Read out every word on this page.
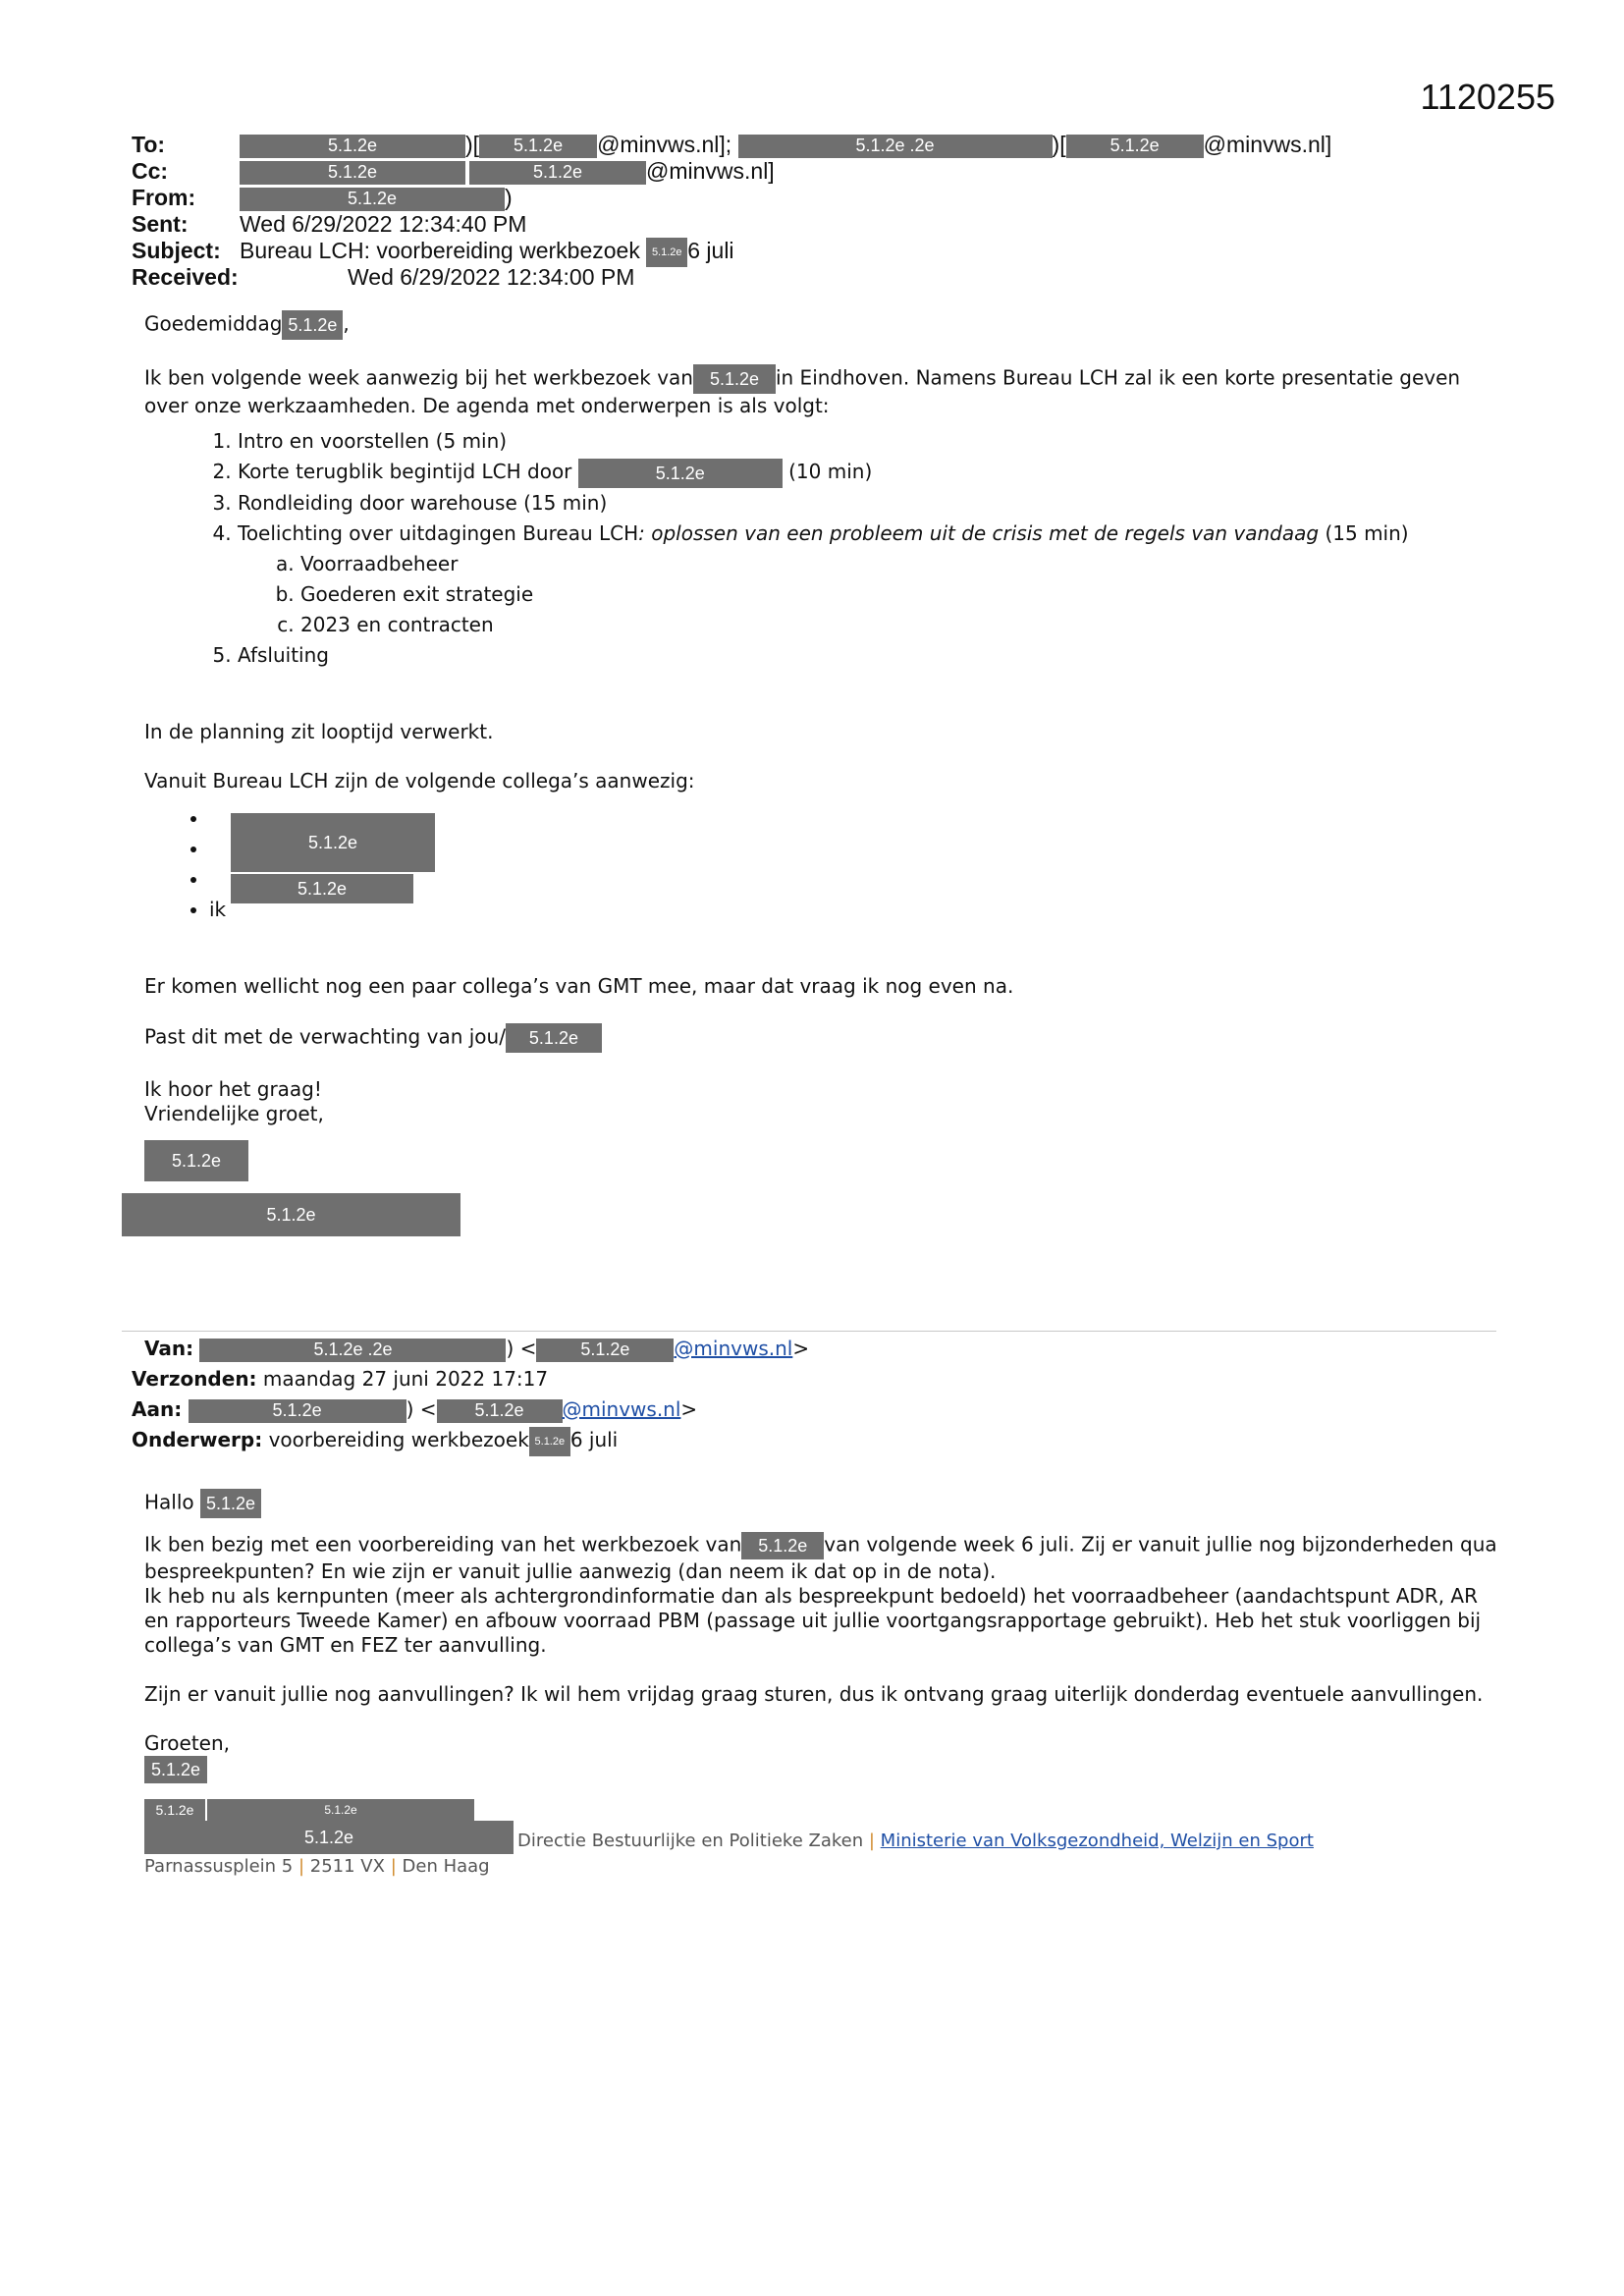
1120255
To:	5.1.2e	)[ 5.1.2e @minvws.nl];	5.1.2e .2e	)[ 5.1.2e @minvws.nl]
Cc:	5.1.2e	5.1.2e	@minvws.nl]
From:	5.1.2e	)
Sent: Wed 6/29/2022 12:34:40 PM
Subject: Bureau LCH: voorbereiding werkbezoek 5.1.2e 6 juli
Received:	Wed 6/29/2022 12:34:00 PM

Goedemiddag 5.1.2e ,

Ik ben volgende week aanwezig bij het werkbezoek van 5.1.2e in Eindhoven. Namens Bureau LCH zal ik een korte presentatie geven over onze werkzaamheden. De agenda met onderwerpen is als volgt:

1. Intro en voorstellen (5 min)
2. Korte terugblik begintijd LCH door	5.1.2e	(10 min)
3. Rondleiding door warehouse (15 min)
4. Toelichting over uitdagingen Bureau LCH: oplossen van een probleem uit de crisis met de regels van vandaag (15 min)
a. Voorraadbeheer
b. Goederen exit strategie
c. 2023 en contracten
5. Afsluiting

In de planning zit looptijd verwerkt.

Vanuit Bureau LCH zijn de volgende collega’s aanwezig:

•
•
•
• ik
5.1.2e
5.1.2e

Er komen wellicht nog een paar collega’s van GMT mee, maar dat vraag ik nog even na.

Past dit met de verwachting van jou/ 5.1.2e

Ik hoor het graag!

Vriendelijke groet,

5.1.2e
5.1.2e
Van:	5.1.2e .2e	) < 5.1.2e @minvws.nl>
Verzonden: maandag 27 juni 2022 17:17
Aan:	5.1.2e	) < 5.1.2e @minvws.nl>
Onderwerp: voorbereiding werkbezoek 5.1.2e 6 juli

Hallo 5.1.2e

Ik ben bezig met een voorbereiding van het werkbezoek van 5.1.2e van volgende week 6 juli. Zij er vanuit jullie nog bijzonderheden qua bespreekpunten? En wie zijn er vanuit jullie aanwezig (dan neem ik dat op in de nota).

Ik heb nu als kernpunten (meer als achtergrondinformatie dan als bespreekpunt bedoeld) het voorraadbeheer (aandachtspunt ADR, AR en rapporteurs Tweede Kamer) en afbouw voorraad PBM (passage uit jullie voortgangsrapportage gebruikt). Heb het stuk voorliggen bij collega’s van GMT en FEZ ter aanvulling.

Zijn er vanuit jullie nog aanvullingen? Ik wil hem vrijdag graag sturen, dus ik ontvang graag uiterlijk donderdag eventuele aanvullingen.

Groeten,

5.1.2e
5.1.2e	5.1.2e
5.1.2e	Directie Bestuurlijke en Politieke Zaken | Ministerie van Volksgezondheid, Welzijn en Sport
Parnassusplein 5 | 2511 VX | Den Haag
